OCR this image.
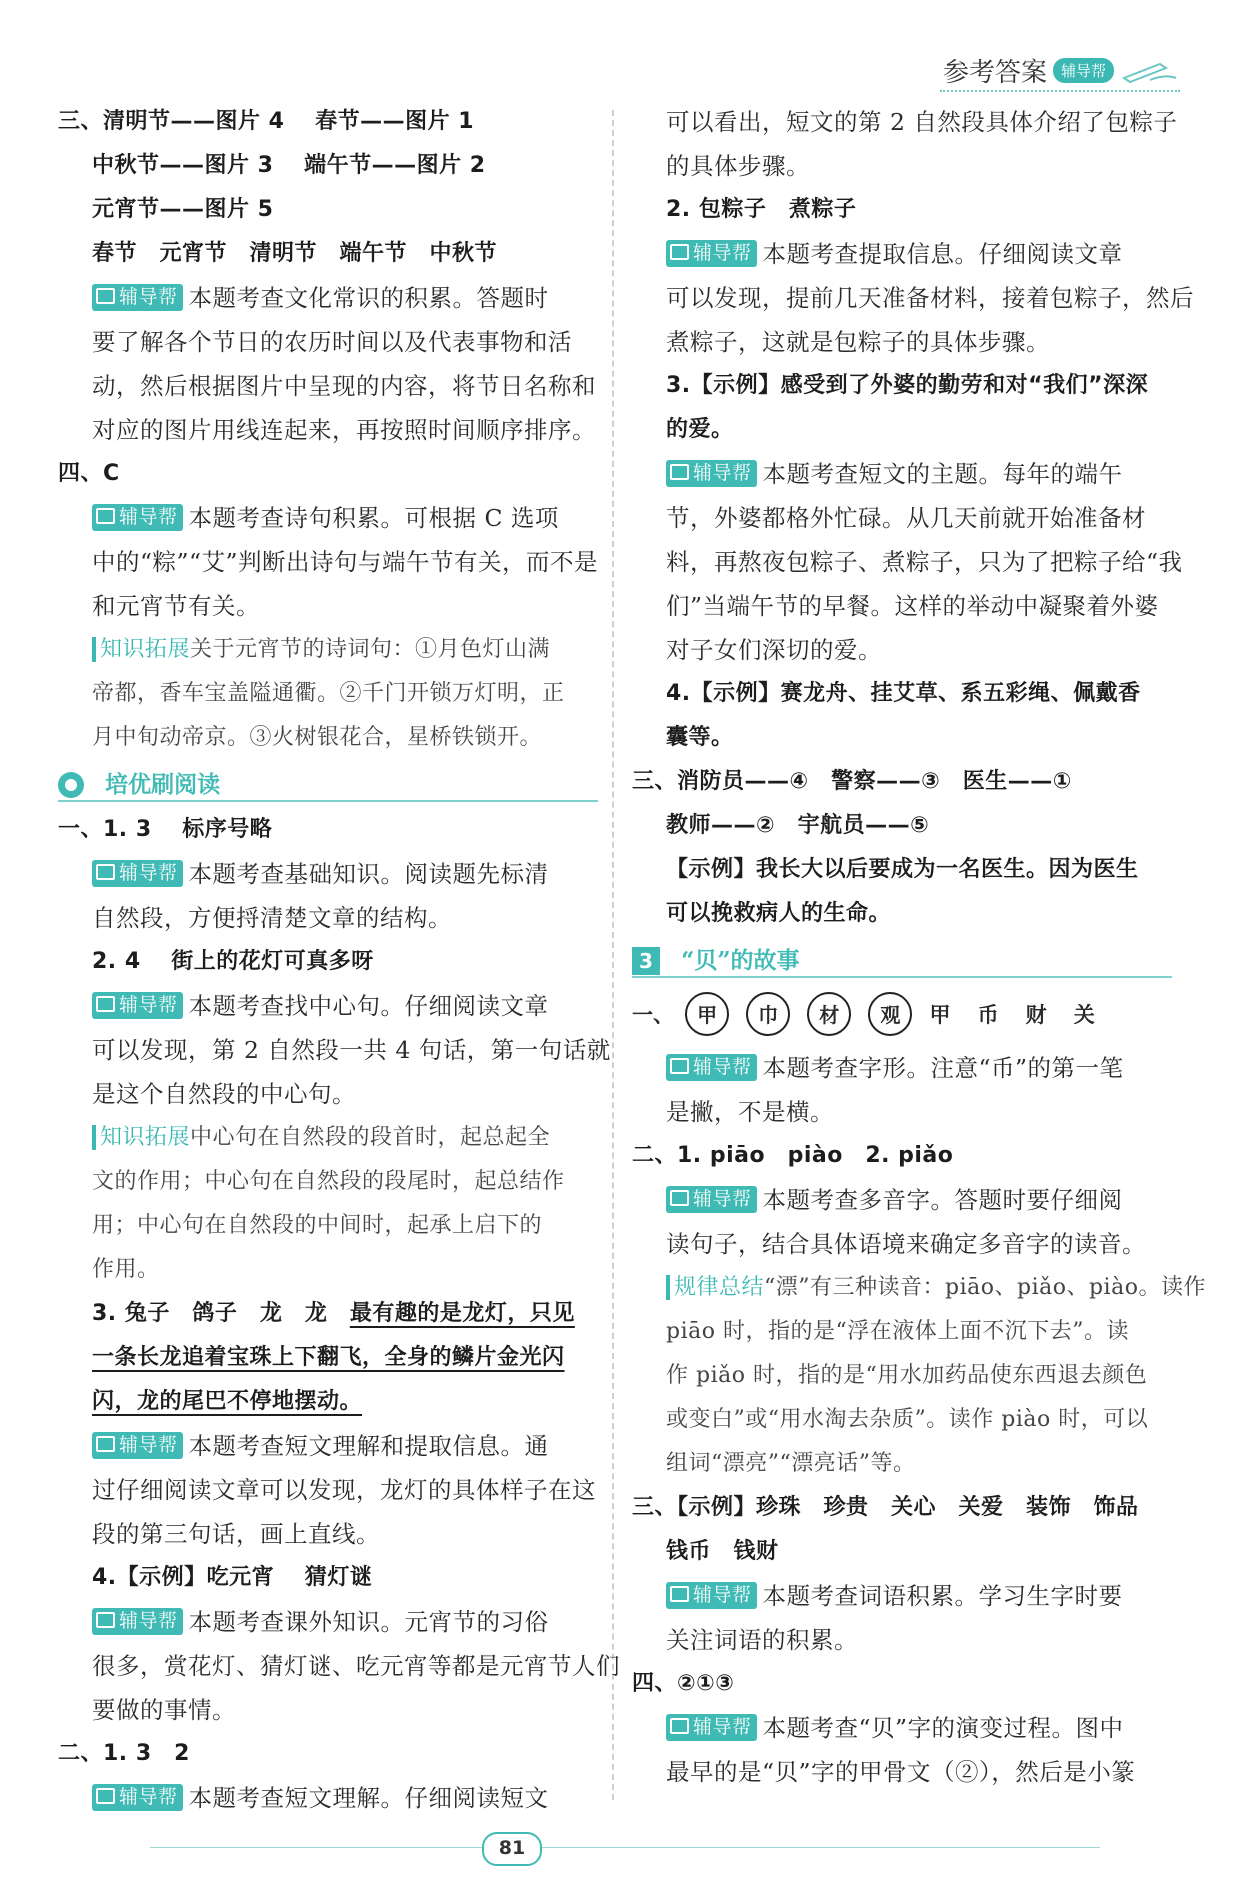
参考答案 辅导帮
三、清明节——图片 4　 春节——图片 1
中秋节——图片 3　 端午节——图片 2
元宵节——图片 5
春节　元宵节　清明节　端午节　中秋节
辅导帮 本题考查文化常识的积累。答题时
要了解各个节日的农历时间以及代表事物和活
动，然后根据图片中呈现的内容，将节日名称和
对应的图片用线连起来，再按照时间顺序排序。
四、C
辅导帮 本题考查诗句积累。可根据 C 选项
中的“粽”“艾”判断出诗句与端午节有关，而不是
和元宵节有关。
知识拓展关于元宵节的诗词句：①月色灯山满
帝都，香车宝盖隘通衢。②千门开锁万灯明，正
月中旬动帝京。③火树银花合，星桥铁锁开。
培优刷阅读
一、1. 3　 标序号略
辅导帮 本题考查基础知识。阅读题先标清
自然段，方便捋清楚文章的结构。
2. 4　 街上的花灯可真多呀
辅导帮 本题考查找中心句。仔细阅读文章
可以发现，第 2 自然段一共 4 句话，第一句话就
是这个自然段的中心句。
知识拓展中心句在自然段的段首时，起总起全
文的作用；中心句在自然段的段尾时，起总结作
用；中心句在自然段的中间时，起承上启下的
作用。
3. 兔子　鸽子　龙　龙　最有趣的是龙灯，只见
一条长龙追着宝珠上下翻飞，全身的鳞片金光闪
闪，龙的尾巴不停地摆动。
辅导帮 本题考查短文理解和提取信息。通
过仔细阅读文章可以发现，龙灯的具体样子在这
段的第三句话，画上直线。
4.【示例】吃元宵　 猜灯谜
辅导帮 本题考查课外知识。元宵节的习俗
很多，赏花灯、猜灯谜、吃元宵等都是元宵节人们
要做的事情。
二、1. 3　2
辅导帮 本题考查短文理解。仔细阅读短文
可以看出，短文的第 2 自然段具体介绍了包粽子
的具体步骤。
2. 包粽子　煮粽子
辅导帮 本题考查提取信息。仔细阅读文章
可以发现，提前几天准备材料，接着包粽子，然后
煮粽子，这就是包粽子的具体步骤。
3.【示例】感受到了外婆的勤劳和对“我们”深深
的爱。
辅导帮 本题考查短文的主题。每年的端午
节，外婆都格外忙碌。从几天前就开始准备材
料，再熬夜包粽子、煮粽子，只为了把粽子给“我
们”当端午节的早餐。这样的举动中凝聚着外婆
对子女们深切的爱。
4.【示例】赛龙舟、挂艾草、系五彩绳、佩戴香
囊等。
三、消防员——④　警察——③　医生——①
教师——②　宇航员——⑤
【示例】我长大以后要成为一名医生。因为医生
可以挽救病人的生命。
3 “贝”的故事
一、 甲 巾 材 观 甲 币 财 关
辅导帮 本题考查字形。注意“币”的第一笔
是撇，不是横。
二、1. piāo　piào　2. piǎo
辅导帮 本题考查多音字。答题时要仔细阅
读句子，结合具体语境来确定多音字的读音。
规律总结“漂”有三种读音：piāo、piǎo、piào。读作
piāo 时，指的是“浮在液体上面不沉下去”。读
作 piǎo 时，指的是“用水加药品使东西退去颜色
或变白”或“用水淘去杂质”。读作 piào 时，可以
组词“漂亮”“漂亮话”等。
三、【示例】珍珠　珍贵　关心　关爱　装饰　饰品
钱币　钱财
辅导帮 本题考查词语积累。学习生字时要
关注词语的积累。
四、②①③
辅导帮 本题考查“贝”字的演变过程。图中
最早的是“贝”字的甲骨文（②），然后是小篆
81
